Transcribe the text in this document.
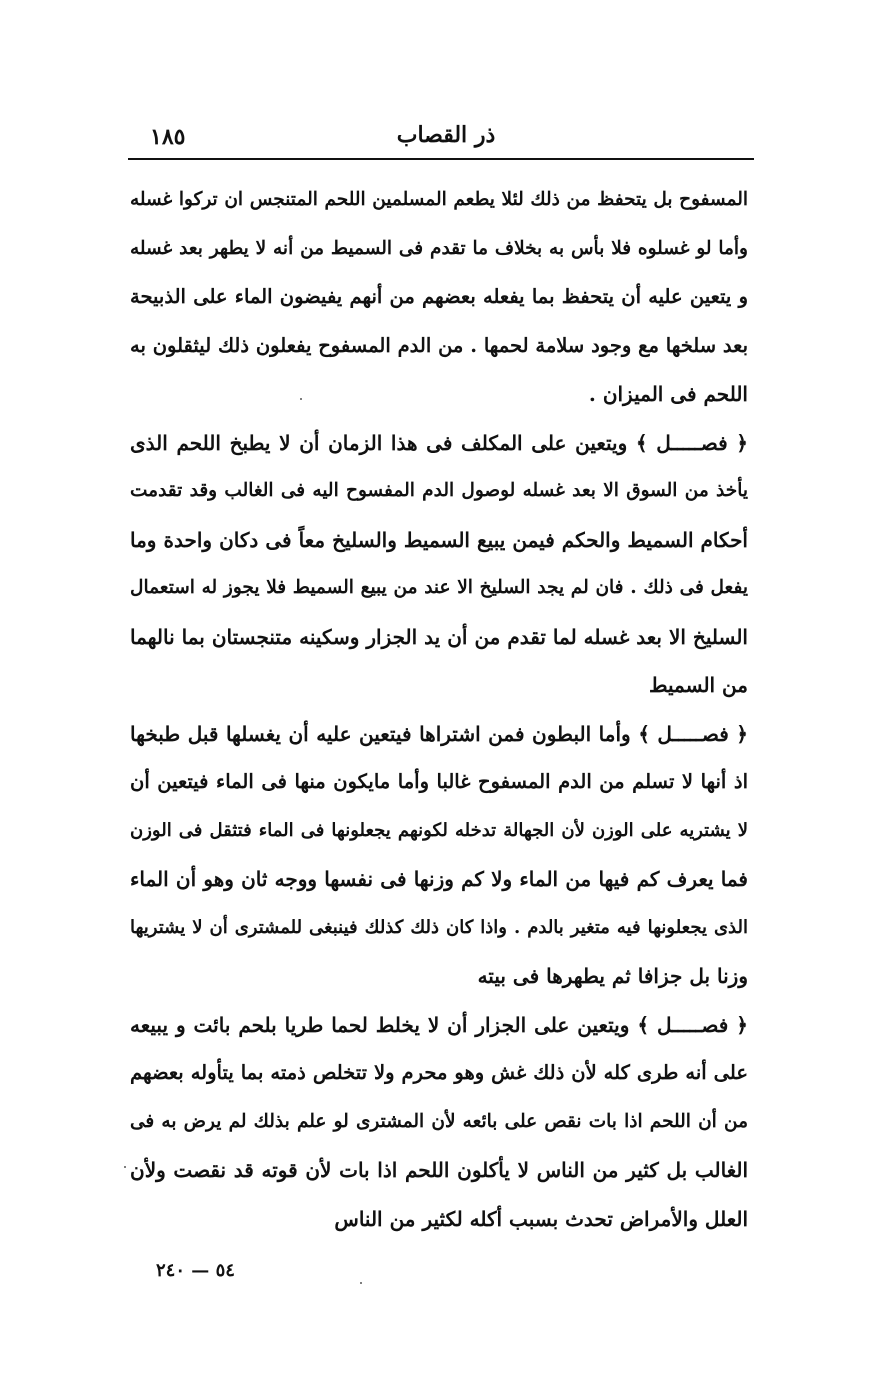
١٨٥	ذر القصاب
المسفوح بل يتحفظ من ذلك لئلا يطعم المسلمين اللحم المتنجس ان تركوا غسله
وأما لو غسلوه فلا بأس به بخلاف ما تقدم فى السميط من أنه لا يطهر بعد غسله
و يتعين عليه أن يتحفظ بما يفعله بعضهم من أنهم يفيضون الماء على الذبيحة
بعد سلخها مع وجود سلامة لحمها . من الدم المسفوح يفعلون ذلك ليثقلون به
اللحم فى الميزان .
﴿ فصـــــل ﴾ ويتعين على المكلف فى هذا الزمان أن لا يطبخ اللحم الذى
يأخذ من السوق الا بعد غسله لوصول الدم المفسوح اليه فى الغالب وقد تقدمت
أحكام السميط والحكم فيمن يبيع السميط والسليخ معاً فى دكان واحدة وما
يفعل فى ذلك . فان لم يجد السليخ الا عند من يبيع السميط فلا يجوز له استعمال
السليخ الا بعد غسله لما تقدم من أن يد الجزار وسكينه متنجستان بما نالهما
من السميط
﴿ فصـــــل ﴾ وأما البطون فمن اشتراها فيتعين عليه أن يغسلها قبل طبخها
اذ أنها لا تسلم من الدم المسفوح غالبا وأما مايكون منها فى الماء فيتعين أن
لا يشتريه على الوزن لأن الجهالة تدخله لكونهم يجعلونها فى الماء فتثقل فى الوزن
فما يعرف كم فيها من الماء ولا كم وزنها فى نفسها ووجه ثان وهو أن الماء
الذى يجعلونها فيه متغير بالدم . واذا كان ذلك كذلك فينبغى للمشترى أن لا يشتريها
وزنا بل جزافا ثم يطهرها فى بيته
﴿ فصـــــل ﴾ ويتعين على الجزار أن لا يخلط لحما طريا بلحم بائت و يبيعه
على أنه طرى كله لأن ذلك غش وهو محرم ولا تتخلص ذمته بما يتأوله بعضهم
من أن اللحم اذا بات نقص على بائعه لأن المشترى لو علم بذلك لم يرض به فى
الغالب بل كثير من الناس لا يأكلون اللحم اذا بات لأن قوته قد نقصت ولأن
العلل والأمراض تحدث بسبب أكله لكثير من الناس
٥٤ — ٢٤٠
